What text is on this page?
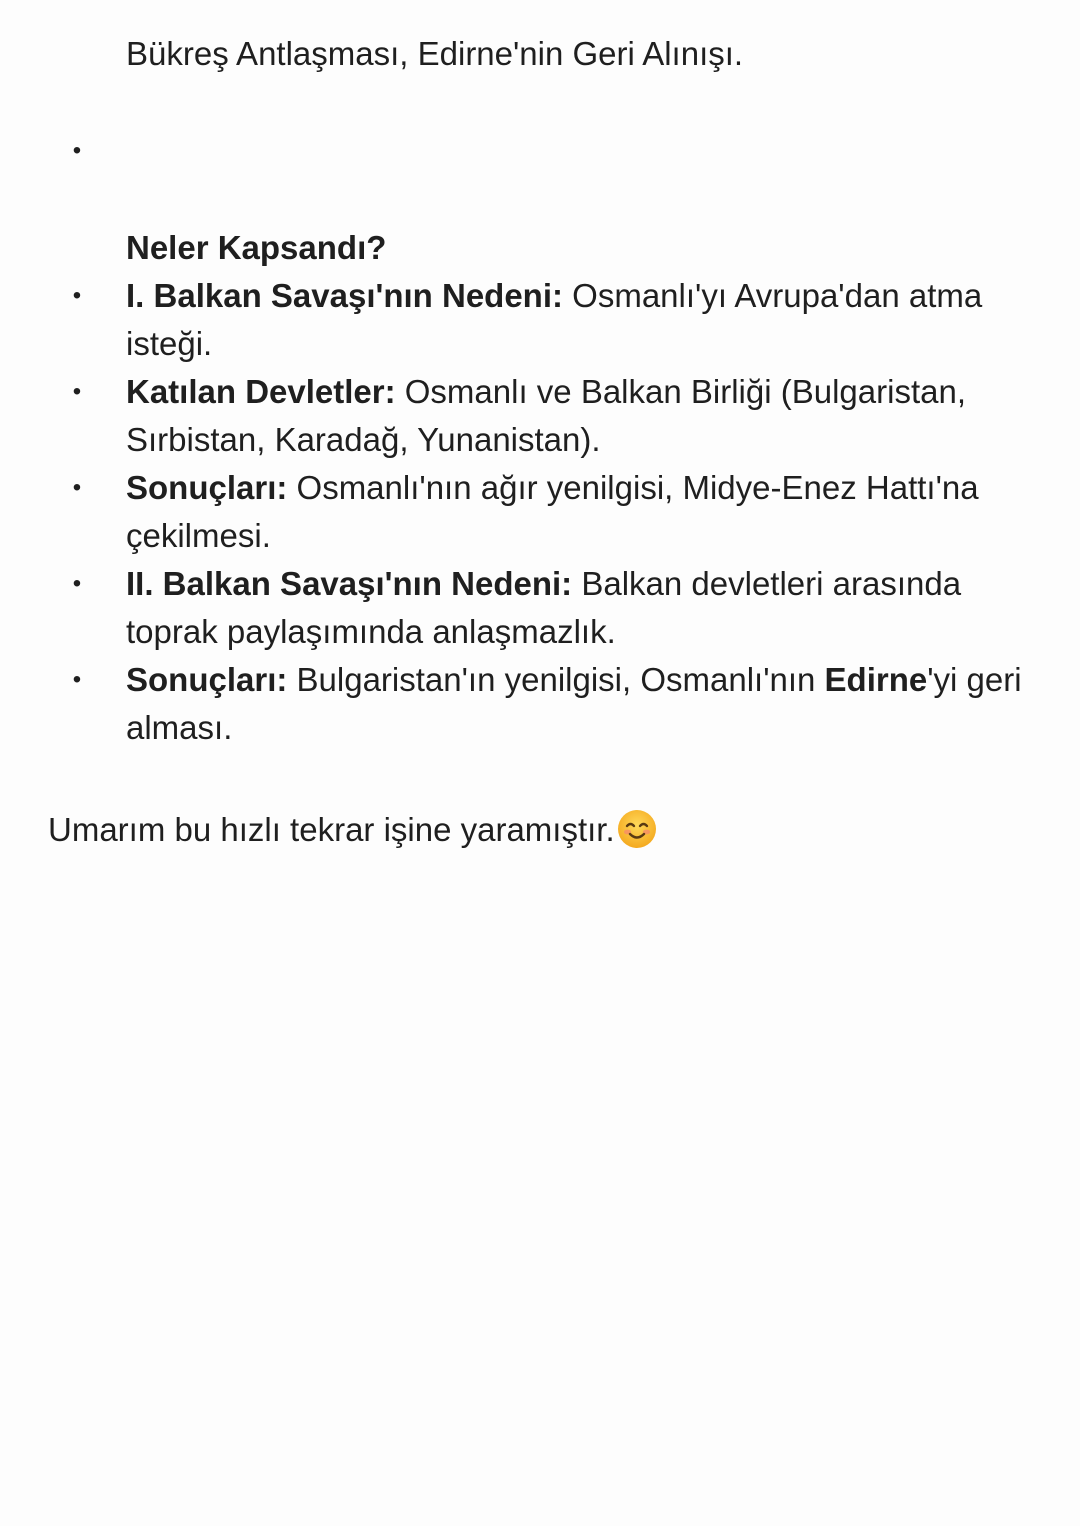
Bükreş Antlaşması, Edirne'nin Geri Alınışı.
•
Neler Kapsandı?
•
I. Balkan Savaşı'nın Nedeni: Osmanlı'yı Avrupa'dan atma isteği.
•
Katılan Devletler: Osmanlı ve Balkan Birliği (Bulgaristan, Sırbistan, Karadağ, Yunanistan).
•
Sonuçları: Osmanlı'nın ağır yenilgisi, Midye-Enez Hattı'na çekilmesi.
•
II. Balkan Savaşı'nın Nedeni: Balkan devletleri arasında toprak paylaşımında anlaşmazlık.
•
Sonuçları: Bulgaristan'ın yenilgisi, Osmanlı'nın Edirne'yi geri alması.
Umarım bu hızlı tekrar işine yaramıştır.
